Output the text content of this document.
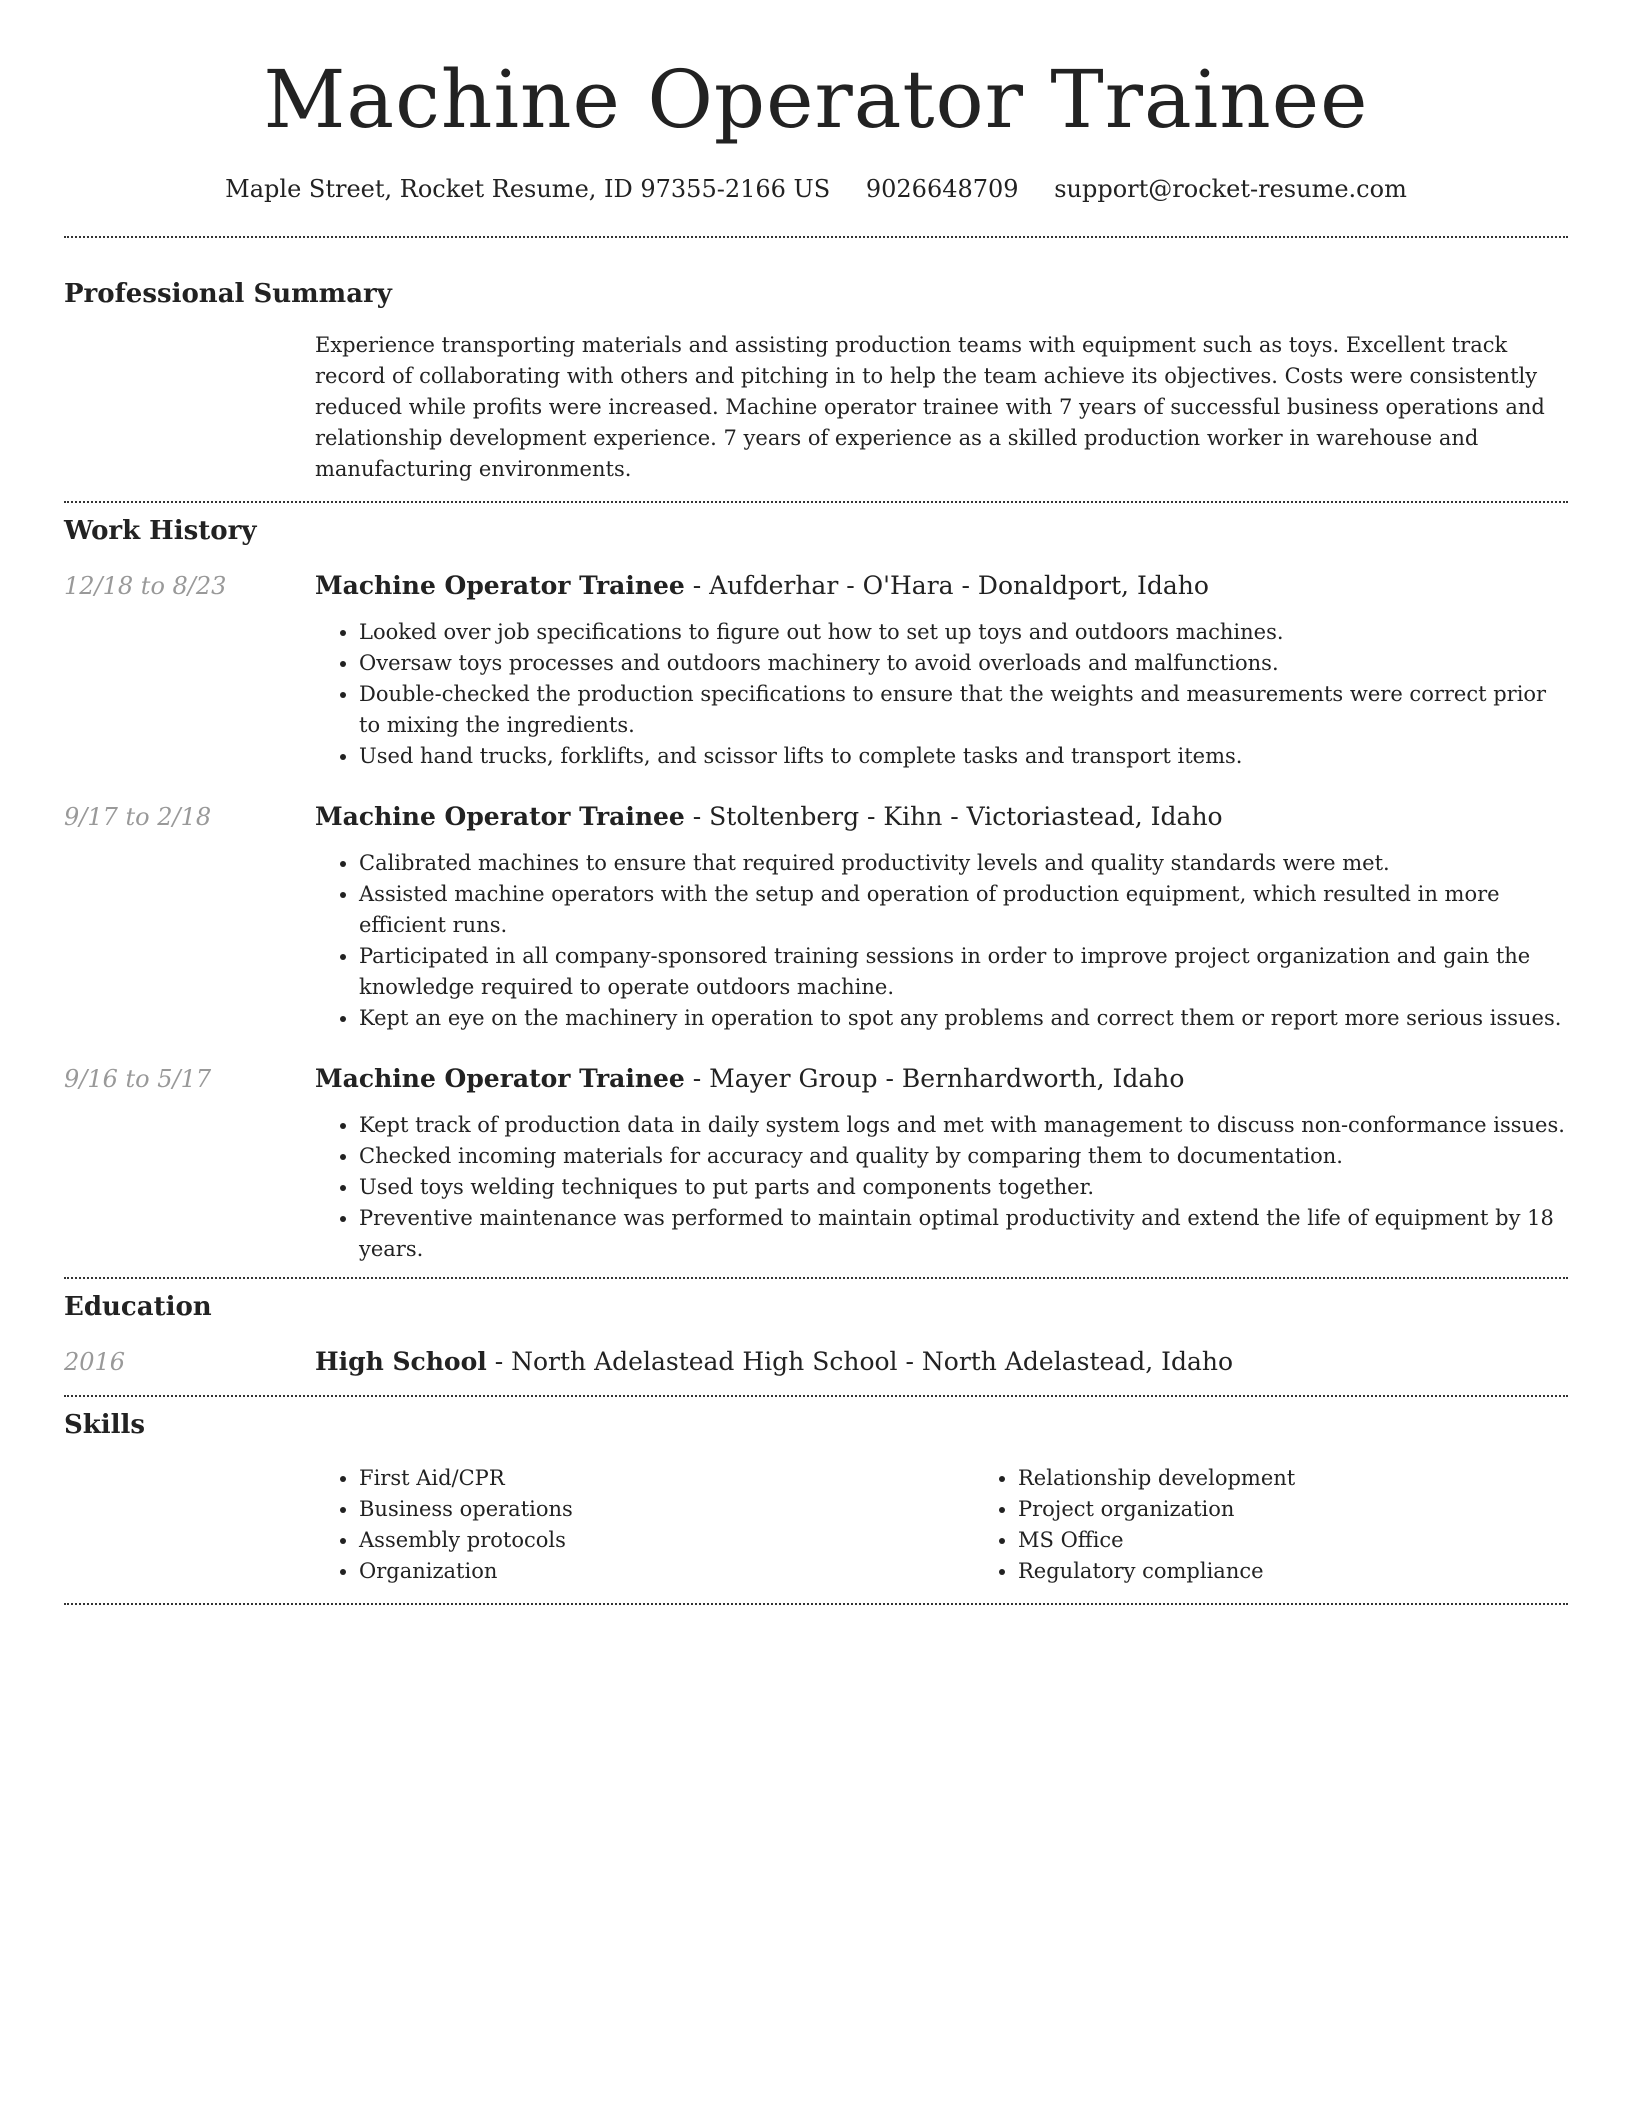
Machine Operator Trainee
Maple Street, Rocket Resume, ID 97355-2166 US 9026648709 support@rocket-resume.com
Professional Summary

Experience transporting materials and assisting production teams with equipment such as toys. Excellent track record of collaborating with others and pitching in to help the team achieve its objectives. Costs were consistently reduced while profits were increased. Machine operator trainee with 7 years of successful business operations and relationship development experience. 7 years of experience as a skilled production worker in warehouse and manufacturing environments.

Work History
12/18 to 8/23	Machine Operator Trainee - Aufderhar - O'Hara - Donaldport, Idaho
• Looked over job specifications to figure out how to set up toys and outdoors machines.
• Oversaw toys processes and outdoors machinery to avoid overloads and malfunctions.
• Double-checked the production specifications to ensure that the weights and measurements were correct prior to mixing the ingredients.
• Used hand trucks, forklifts, and scissor lifts to complete tasks and transport items.
9/17 to 2/18	Machine Operator Trainee - Stoltenberg - Kihn - Victoriastead, Idaho
• Calibrated machines to ensure that required productivity levels and quality standards were met.
• Assisted machine operators with the setup and operation of production equipment, which resulted in more efficient runs.
• Participated in all company-sponsored training sessions in order to improve project organization and gain the knowledge required to operate outdoors machine.
• Kept an eye on the machinery in operation to spot any problems and correct them or report more serious issues.
9/16 to 5/17	Machine Operator Trainee - Mayer Group - Bernhardworth, Idaho
• Kept track of production data in daily system logs and met with management to discuss non-conformance issues.
• Checked incoming materials for accuracy and quality by comparing them to documentation.
• Used toys welding techniques to put parts and components together.
• Preventive maintenance was performed to maintain optimal productivity and extend the life of equipment by 18 years.
Education
2016	High School - North Adelastead High School - North Adelastead, Idaho
Skills
• First Aid/CPR
• Business operations
• Assembly protocols
• Organization
• Relationship development
• Project organization
• MS Office
• Regulatory compliance
